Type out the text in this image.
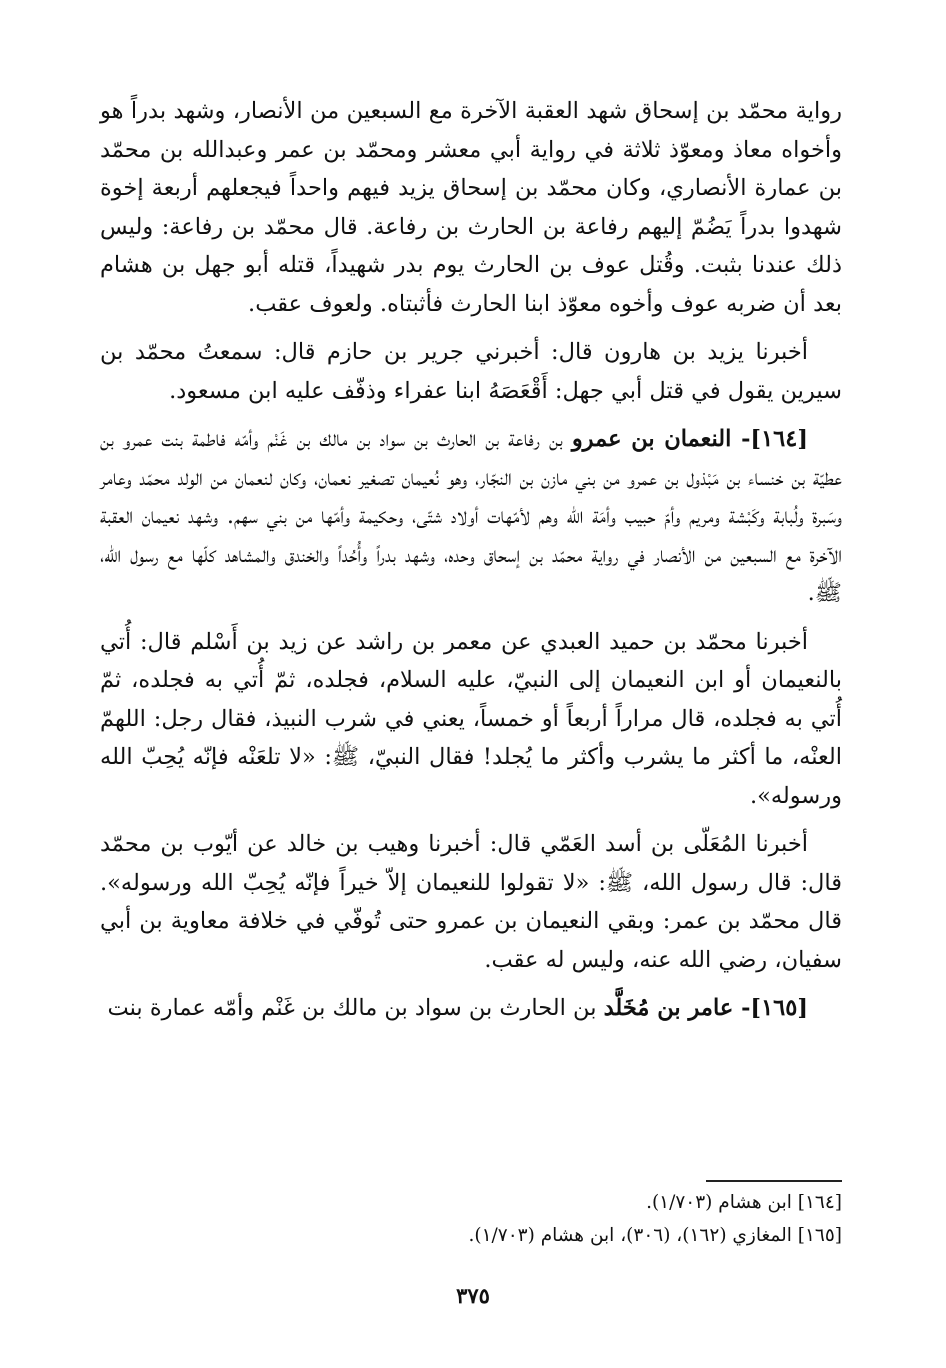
رواية محمّد بن إسحاق شهد العقبة الآخرة مع السبعين من الأنصار، وشهد بدراً هو وأخواه معاذ ومعوّذ ثلاثة في رواية أبي معشر ومحمّد بن عمر وعبدالله بن محمّد بن عمارة الأنصاري، وكان محمّد بن إسحاق يزيد فيهم واحداً فيجعلهم أربعة إخوة شهدوا بدراً يَضُمّ إليهم رفاعة بن الحارث بن رفاعة. قال محمّد بن رفاعة: وليس ذلك عندنا بثبت. وقُتل عوف بن الحارث يوم بدر شهيداً، قتله أبو جهل بن هشام بعد أن ضربه عوف وأخوه معوّذ ابنا الحارث فأثبتاه. ولعوف عقب.

أخبرنا يزيد بن هارون قال: أخبرني جرير بن حازم قال: سمعتُ محمّد بن سيرين يقول في قتل أبي جهل: أَقْعَصَهُ ابنا عفراء وذفّف عليه ابن مسعود.

[١٦٤]- النعمان بن عمرو بن رفاعة بن الحارث بن سواد بن مالك بن غَنْم وأمّه فاطمة بنت عمرو بن عطيّة بن خنساء بن مَبْذول بن عمرو من بني مازن بن النجّار، وهو نُعيمان تصغير نعمان، وكان لنعمان من الولد محمّد وعامر وسَبرة ولُبابة وكَبْشة ومريم وأمّ حبيب وأمَة الله وهم لأمّهات أولاد شتّى، وحكيمة وأمّها من بني سهم. وشهد نعيمان العقبة الآخرة مع السبعين من الأنصار في رواية محمّد بن إسحاق وحده، وشهد بدراً وأُحُداً والخندق والمشاهد كلّها مع رسول الله، ﷺ.

أخبرنا محمّد بن حميد العبدي عن معمر بن راشد عن زيد بن أَسْلم قال: أُتي بالنعيمان أو ابن النعيمان إلى النبيّ، عليه السلام، فجلده، ثمّ أُتي به فجلده، ثمّ أُتي به فجلده، قال مراراً أربعاً أو خمساً، يعني في شرب النبيذ، فقال رجل: اللهمّ العنْه، ما أكثر ما يشرب وأكثر ما يُجلد! فقال النبيّ، ﷺ: «لا تلعَنْه فإنّه يُحِبّ الله ورسوله».

أخبرنا المُعَلّى بن أسد العَمّي قال: أخبرنا وهيب بن خالد عن أيّوب بن محمّد قال: قال رسول الله، ﷺ: «لا تقولوا للنعيمان إلاّ خيراً فإنّه يُحِبّ الله ورسوله». قال محمّد بن عمر: وبقي النعيمان بن عمرو حتى تُوفّي في خلافة معاوية بن أبي سفيان، رضي الله عنه، وليس له عقب.

[١٦٥]- عامر بن مُخَلَّد بن الحارث بن سواد بن مالك بن غَنْم وأمّه عمارة بنت

[١٦٤] ابن هشام (١/٧٠٣).
[١٦٥] المغازي (١٦٢)، (٣٠٦)، ابن هشام (١/٧٠٣).
٣٧٥
